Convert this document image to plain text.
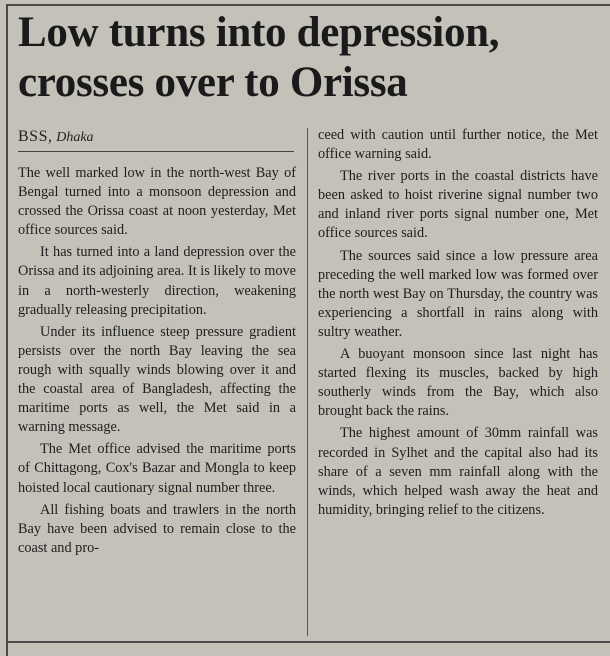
Low turns into depression,
crosses over to Orissa
BSS, Dhaka

The well marked low in the north-west Bay of Bengal turned into a monsoon depression and crossed the Orissa coast at noon yesterday, Met office sources said.

It has turned into a land depression over the Orissa and its adjoining area. It is likely to move in a north-westerly direction, weakening gradually releasing precipitation.

Under its influence steep pressure gradient persists over the north Bay leaving the sea rough with squally winds blowing over it and the coastal area of Bangladesh, affecting the maritime ports as well, the Met said in a warning message.

The Met office advised the maritime ports of Chittagong, Cox's Bazar and Mongla to keep hoisted local cautionary signal number three.

All fishing boats and trawlers in the north Bay have been advised to remain close to the coast and pro-

ceed with caution until further notice, the Met office warning said.

The river ports in the coastal districts have been asked to hoist riverine signal number two and inland river ports signal number one, Met office sources said.

The sources said since a low pressure area preceding the well marked low was formed over the north west Bay on Thursday, the country was experiencing a shortfall in rains along with sultry weather.

A buoyant monsoon since last night has started flexing its muscles, backed by high southerly winds from the Bay, which also brought back the rains.

The highest amount of 30mm rainfall was recorded in Sylhet and the capital also had its share of a seven mm rainfall along with the winds, which helped wash away the heat and humidity, bringing relief to the citizens.
